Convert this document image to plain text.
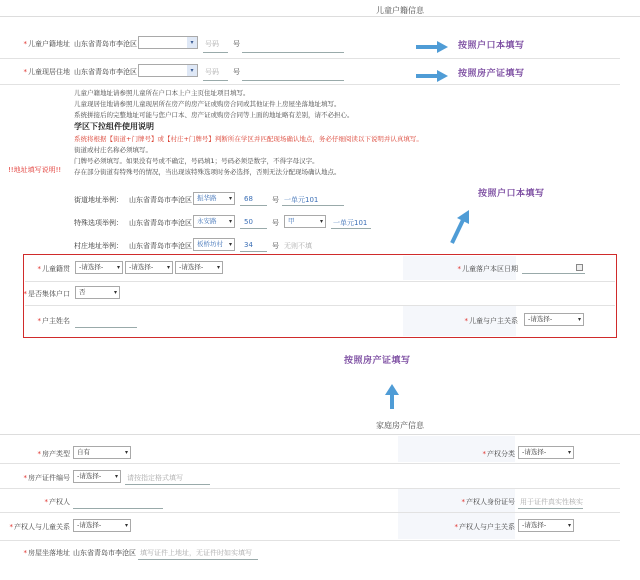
儿童户籍信息
*儿童户籍地址 山东省青岛市李沧区	▾	号码 号
*儿童现居住地 山东省青岛市李沧区	▾	号码 号
按照户口本填写
按照房产证填写
!!地址填写说明!!
儿童户籍地址请参照儿童所在户口本上户主页住址项目填写。
儿童现居住地请参照儿童现居所在房产的房产证或购房合同或其他证件上房屋坐落地址填写。
系统拼接后的完整地址可能与您户口本、房产证或购房合同等上面的地址略有差别，请不必担心。
学区下拉组件使用说明
系统将根据【街道+门牌号】或【村庄+门牌号】判断所在学区并匹配现场确认地点，务必仔细阅读以下说明并认真填写。
街道或村庄名称必须填写。
门牌号必须填写。如果没有号或不确定，号码填1；号码必须是数字，不得字母汉字。
存在部分街道有特殊号的情况，当出现该特殊选项时务必选择，否则无法分配现场确认地点。
街道地址举例： 山东省青岛市李沧区 振华路 ▾ 68	号 一单元101
特殊选项举例： 山东省青岛市李沧区 永安路 ▾ 50	号	甲	▾ 一单元101
村庄地址举例： 山东省青岛市李沧区 板桥坊村 ▾ 34	号 无则不填
按照户口本填写
*儿童籍贯	-请选择- ▾	-请选择- ▾	-请选择- ▾	*儿童落户本区日期
*是否集体户口	否	▾
*户主姓名	*儿童与户主关系	-请选择-	▾
按照房产证填写
家庭房产信息
*房产类型	自有	▾	*产权分类	-请选择-	▾
*房产证件编号	-请选择- ▾ 请按指定格式填写
*产权人	*产权人身份证号 用于证件真实性核实
*产权人与儿童关系	-请选择-	▾	*产权人与户主关系	-请选择-	▾
*房屋坐落地址 山东省青岛市李沧区 填写证件上地址，无证件时如实填写
